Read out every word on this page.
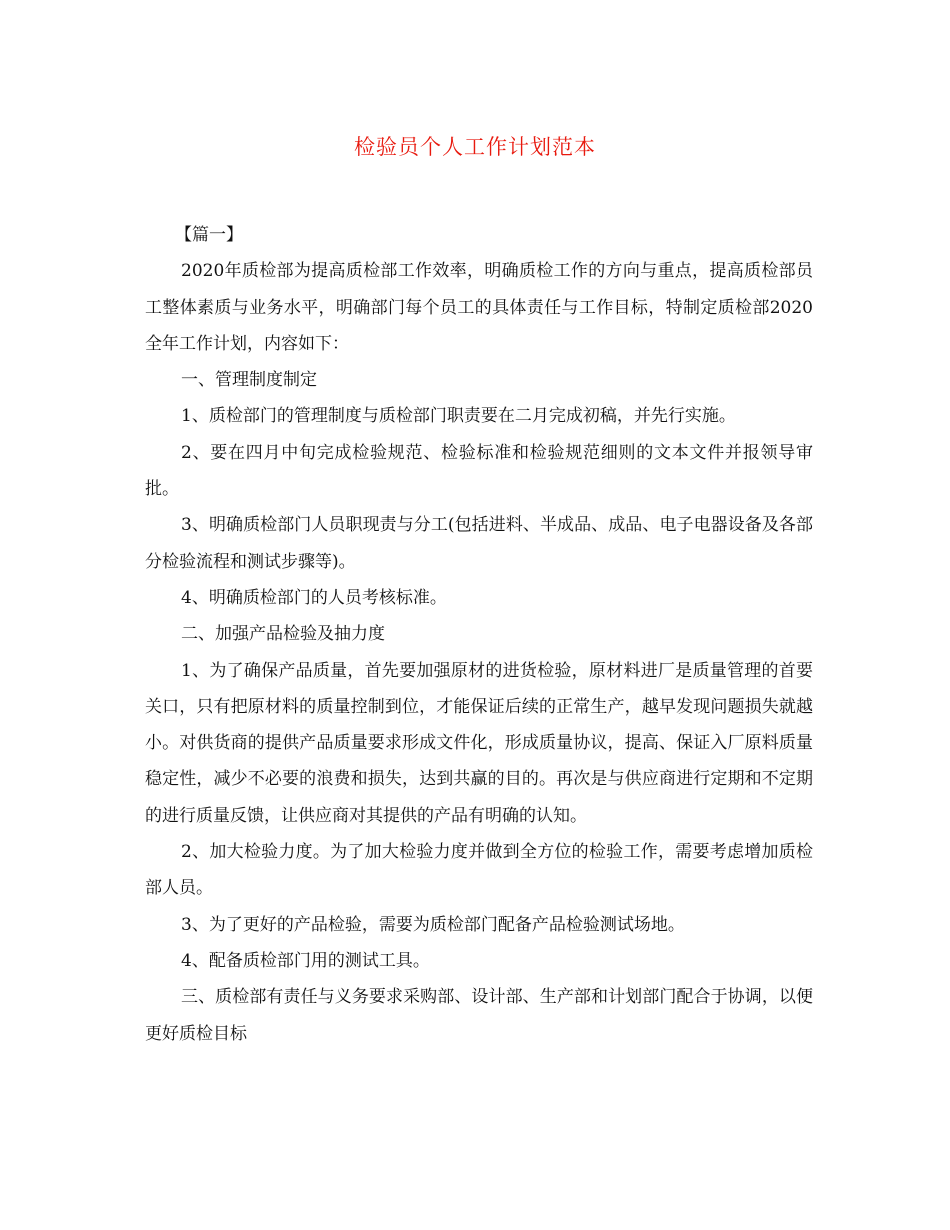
检验员个人工作计划范本

【篇一】

2020年质检部为提高质检部工作效率，明确质检工作的方向与重点，提高质检部员工整体素质与业务水平，明确部门每个员工的具体责任与工作目标，特制定质检部2020全年工作计划，内容如下：

一、管理制度制定

1、质检部门的管理制度与质检部门职责要在二月完成初稿，并先行实施。

2、要在四月中旬完成检验规范、检验标准和检验规范细则的文本文件并报领导审批。

3、明确质检部门人员职现责与分工(包括进料、半成品、成品、电子电器设备及各部分检验流程和测试步骤等)。

4、明确质检部门的人员考核标准。

二、加强产品检验及抽力度

1、为了确保产品质量，首先要加强原材的进货检验，原材料进厂是质量管理的首要关口，只有把原材料的质量控制到位，才能保证后续的正常生产，越早发现问题损失就越小。对供货商的提供产品质量要求形成文件化，形成质量协议，提高、保证入厂原料质量稳定性，减少不必要的浪费和损失，达到共赢的目的。再次是与供应商进行定期和不定期的进行质量反馈，让供应商对其提供的产品有明确的认知。

2、加大检验力度。为了加大检验力度并做到全方位的检验工作，需要考虑增加质检部人员。

3、为了更好的产品检验，需要为质检部门配备产品检验测试场地。

4、配备质检部门用的测试工具。

三、质检部有责任与义务要求采购部、设计部、生产部和计划部门配合于协调，以便更好质检目标
